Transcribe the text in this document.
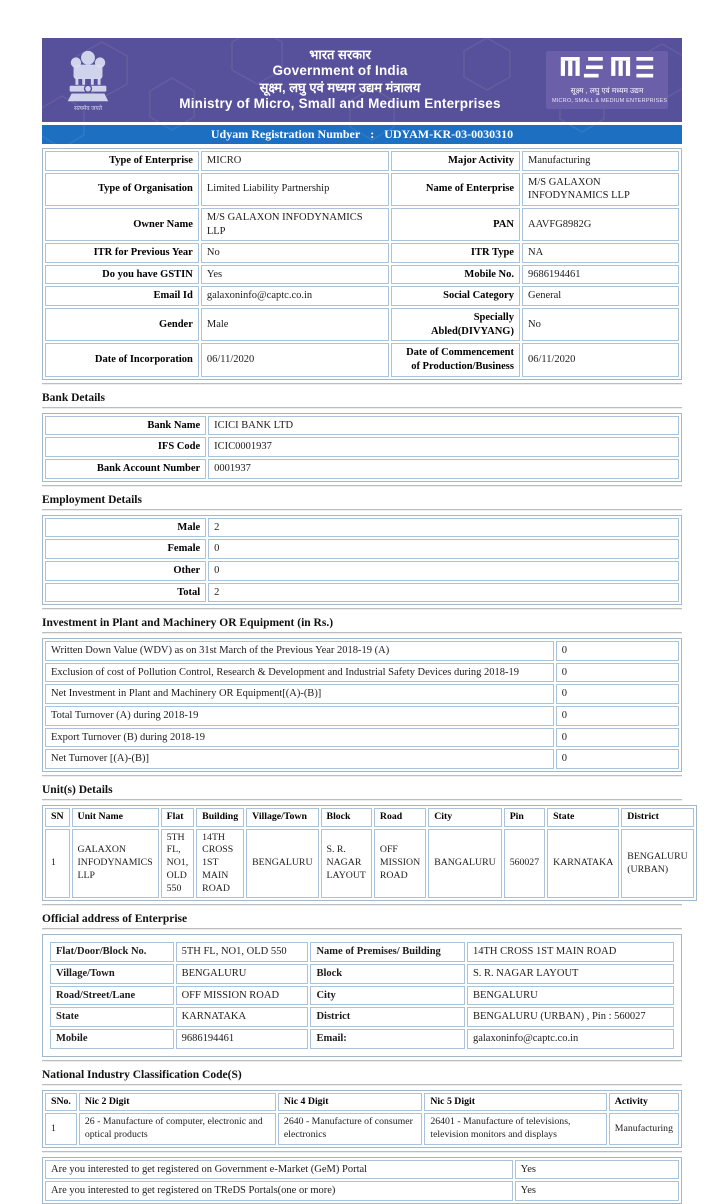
सत्यमेव जयते
भारत सरकार
Government of India
सूक्ष्म, लघु एवं मध्यम उद्यम मंत्रालय
Ministry of Micro, Small and Medium Enterprises
सूक्ष्म , लघु एवं मध्यम उद्यम
MICRO, SMALL & MEDIUM ENTERPRISES
Udyam Registration Number : UDYAM-KR-03-0030310
Type of Enterprise	MICRO	Major Activity	Manufacturing
Type of Organisation	Limited Liability Partnership	Name of Enterprise	M/S GALAXON INFODYNAMICS LLP
Owner Name	M/S GALAXON INFODYNAMICS LLP	PAN	AAVFG8982G
ITR for Previous Year	No	ITR Type	NA
Do you have GSTIN	Yes	Mobile No.	9686194461
Email Id	galaxoninfo@captc.co.in	Social Category	General
Gender	Male	Specially Abled(DIVYANG)	No
Date of Incorporation	06/11/2020	Date of Commencement of Production/Business	06/11/2020
Bank Details
Bank Name	ICICI BANK LTD
IFS Code	ICIC0001937
Bank Account Number	0001937
Employment Details
Male	2
Female	0
Other	0
Total	2
Investment in Plant and Machinery OR Equipment (in Rs.)
Written Down Value (WDV) as on 31st March of the Previous Year 2018-19 (A)	0
Exclusion of cost of Pollution Control, Research & Development and Industrial Safety Devices during 2018-19	0
Net Investment in Plant and Machinery OR Equipment[(A)-(B)]	0
Total Turnover (A) during 2018-19	0
Export Turnover (B) during 2018-19	0
Net Turnover [(A)-(B)]	0
Unit(s) Details
SN	Unit Name	Flat	Building	Village/Town	Block	Road	City	Pin	State	District
1	GALAXON INFODYNAMICS LLP	5TH FL, NO1, OLD 550	14TH CROSS 1ST MAIN ROAD	BENGALURU	S. R. NAGAR LAYOUT	OFF MISSION ROAD	BANGALURU	560027	KARNATAKA	BENGALURU (URBAN)
Official address of Enterprise
Flat/Door/Block No.	5TH FL, NO1, OLD 550	Name of Premises/ Building	14TH CROSS 1ST MAIN ROAD
Village/Town	BENGALURU	Block	S. R. NAGAR LAYOUT
Road/Street/Lane	OFF MISSION ROAD	City	BENGALURU
State	KARNATAKA	District	BENGALURU (URBAN) , Pin : 560027
Mobile	9686194461	Email:	galaxoninfo@captc.co.in
National Industry Classification Code(S)
SNo.	Nic 2 Digit	Nic 4 Digit	Nic 5 Digit	Activity
1	26 - Manufacture of computer, electronic and optical products	2640 - Manufacture of consumer electronics	26401 - Manufacture of televisions, television monitors and displays	Manufacturing
Are you interested to get registered on Government e-Market (GeM) Portal	Yes
Are you interested to get registered on TReDS Portals(one or more)	Yes
